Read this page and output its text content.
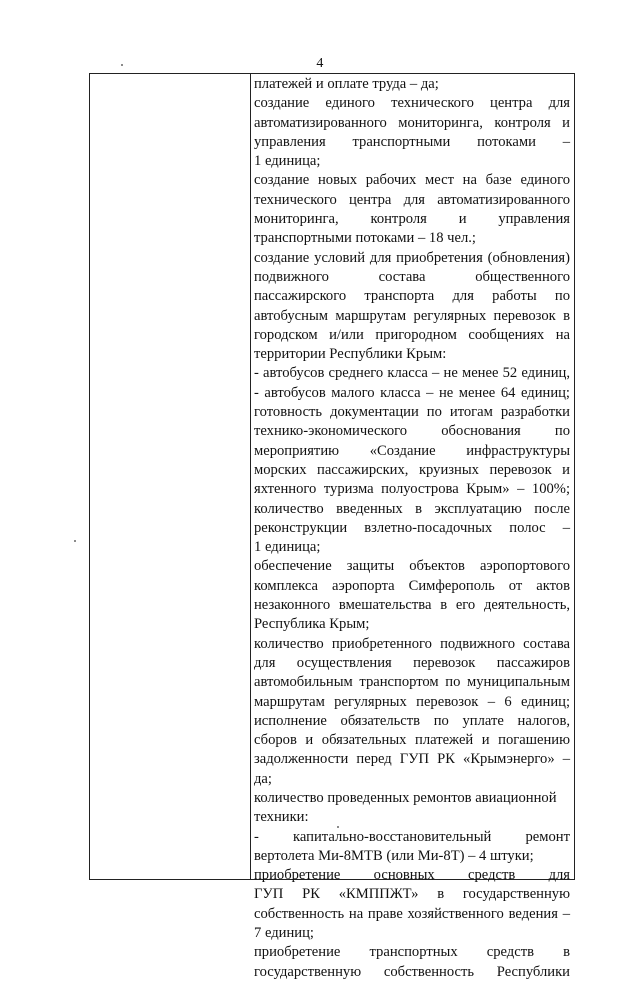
4
платежей и оплате труда – да;
создание единого технического центра для
автоматизированного мониторинга, контроля и
управления транспортными потоками –
1 единица;
создание новых рабочих мест на базе единого
технического центра для автоматизированного
мониторинга, контроля и управления
транспортными потоками – 18 чел.;
создание условий для приобретения (обновления)
подвижного состава общественного
пассажирского транспорта для работы по
автобусным маршрутам регулярных перевозок в
городском и/или пригородном сообщениях на
территории Республики Крым:
- автобусов среднего класса – не менее 52 единиц,
- автобусов малого класса – не менее 64 единиц;
готовность документации по итогам разработки
технико-экономического обоснования по
мероприятию «Создание инфраструктуры
морских пассажирских, круизных перевозок и
яхтенного туризма полуострова Крым» – 100%;
количество введенных в эксплуатацию после
реконструкции взлетно-посадочных полос –
1 единица;
обеспечение защиты объектов аэропортового
комплекса аэропорта Симферополь от актов
незаконного вмешательства в его деятельность,
Республика Крым;
количество приобретенного подвижного состава
для осуществления перевозок пассажиров
автомобильным транспортом по муниципальным
маршрутам регулярных перевозок – 6 единиц;
исполнение обязательств по уплате налогов,
сборов и обязательных платежей и погашению
задолженности перед ГУП РК «Крымэнерго» –
да;
количество проведенных ремонтов авиационной
техники:
- капитально-восстановительный ремонт
вертолета Ми-8МТВ (или Ми-8Т) – 4 штуки;
приобретение основных средств для
ГУП РК «КМППЖТ» в государственную
собственность на праве хозяйственного ведения –
7 единиц;
приобретение транспортных средств в
государственную собственность Республики
